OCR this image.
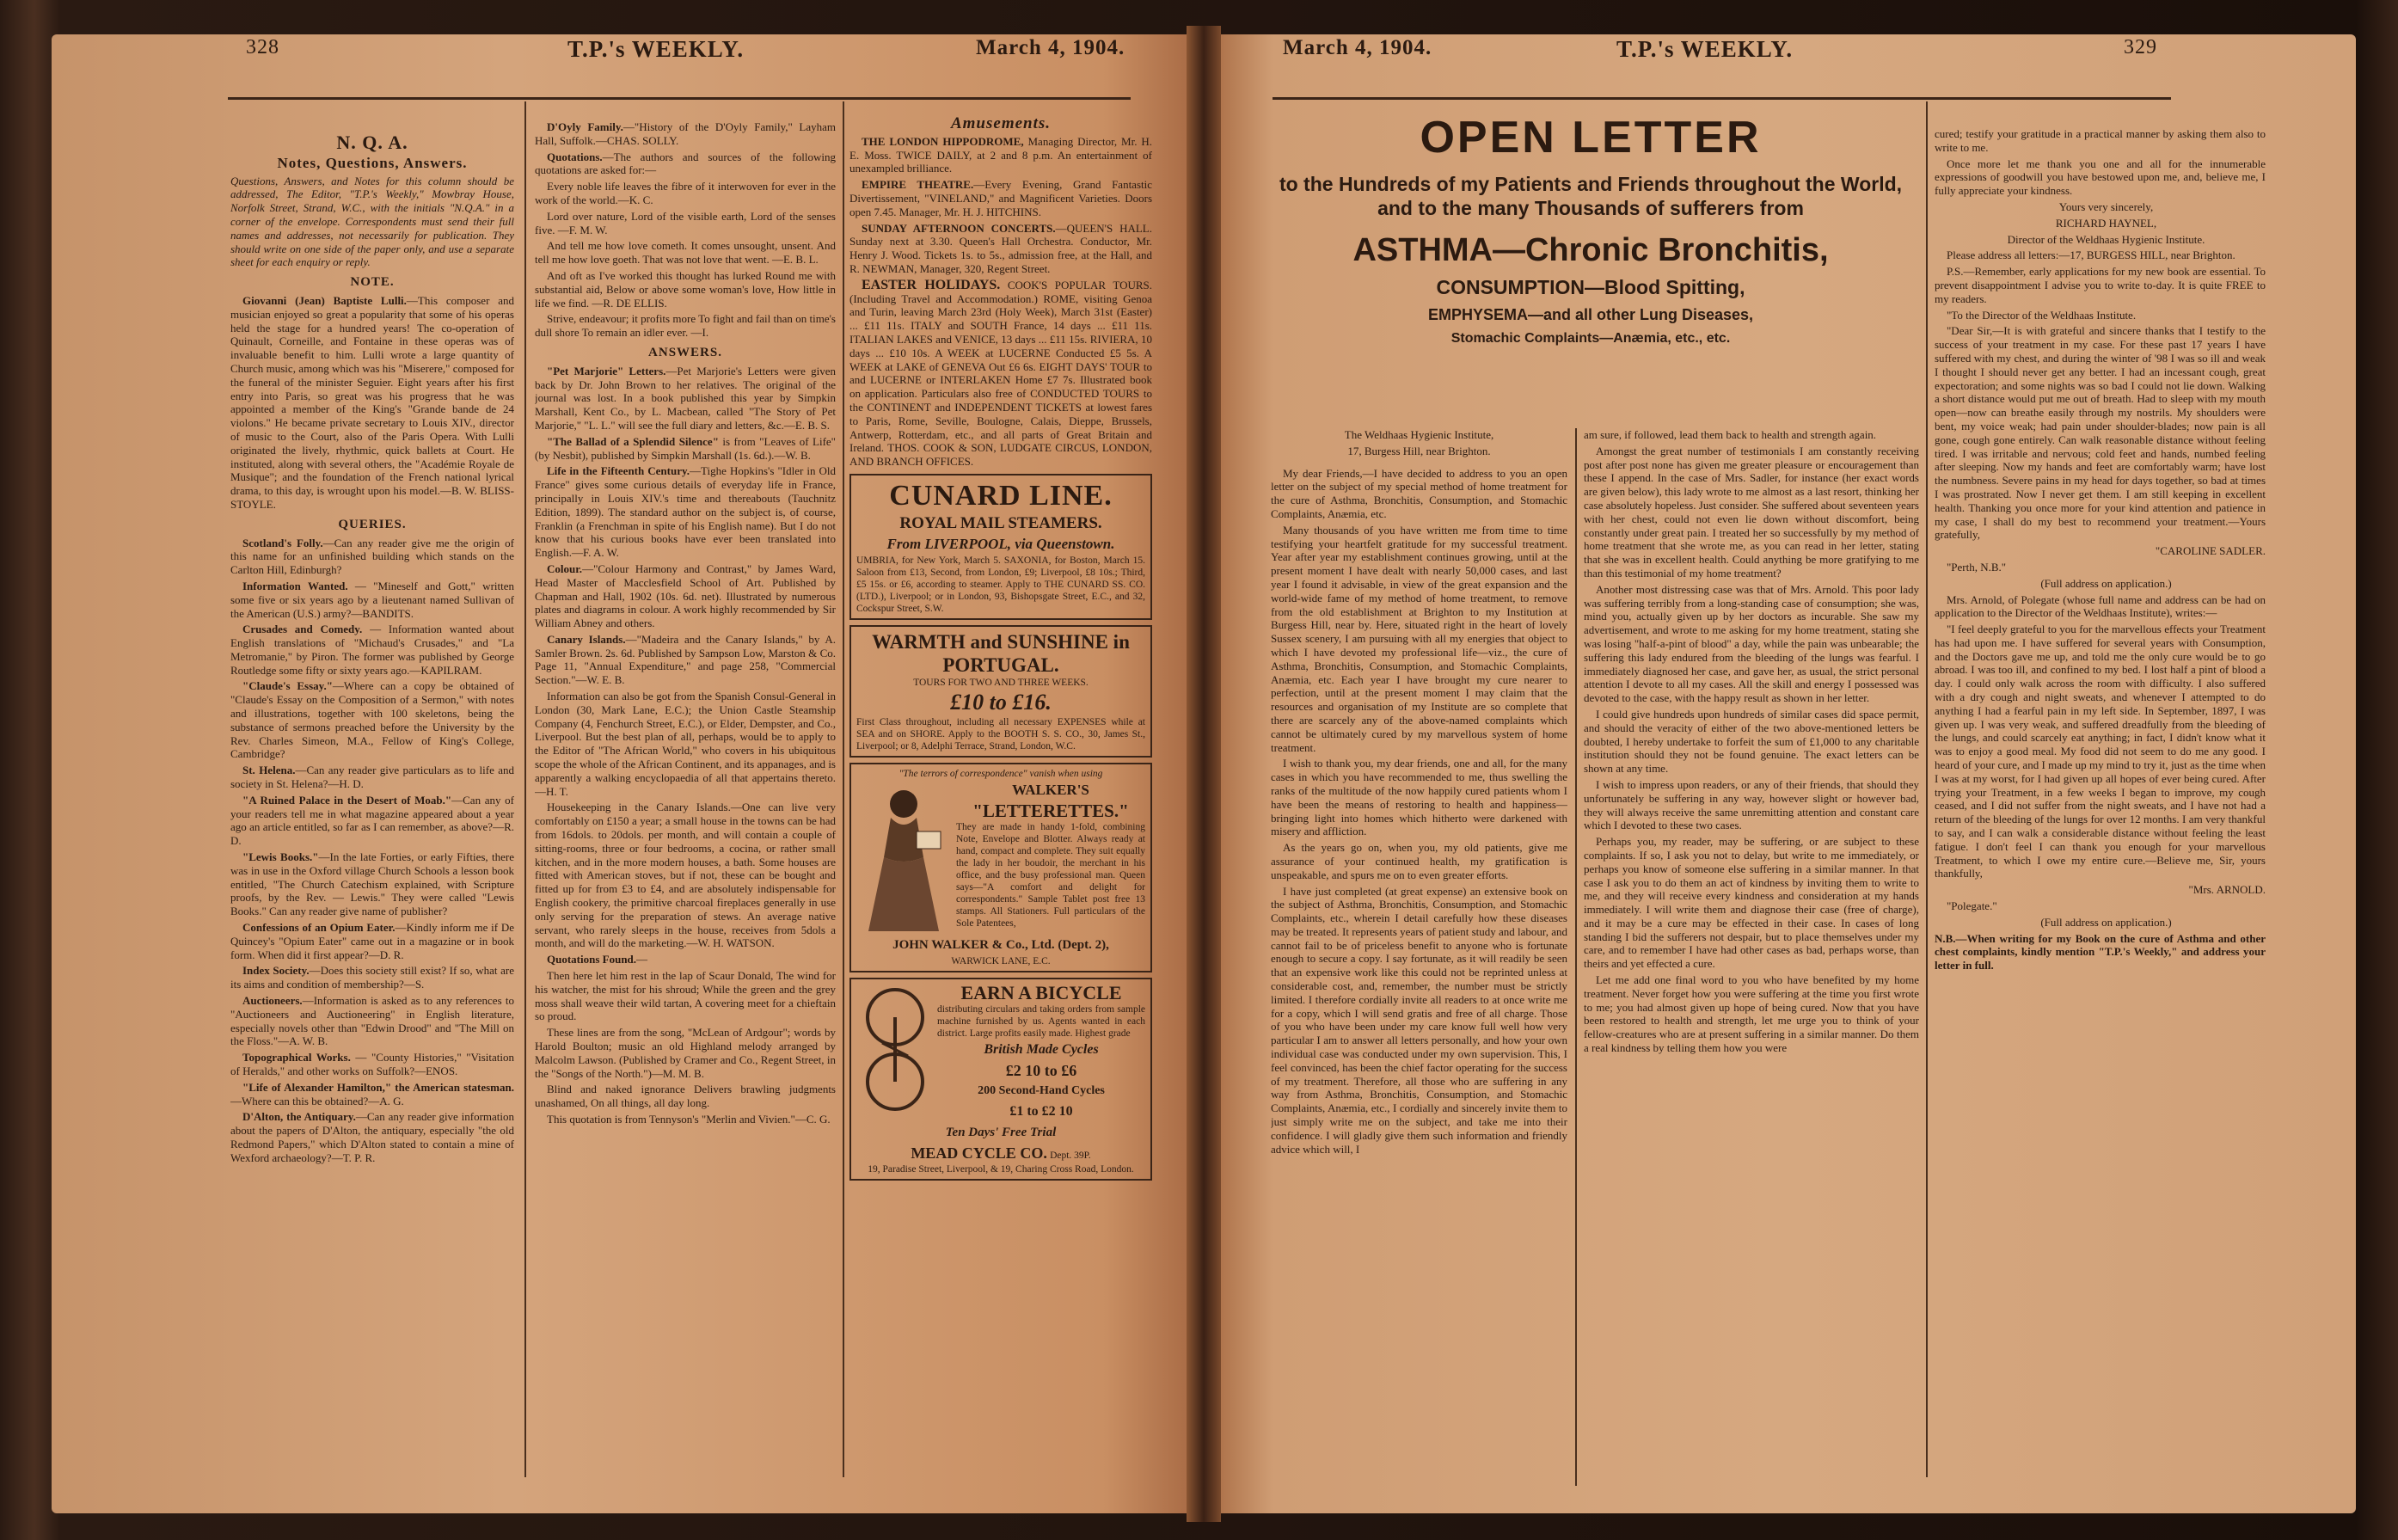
328	T.P.'s WEEKLY.	March 4, 1904.
N. Q. A.
Notes, Questions, Answers.

Questions, Answers, and Notes for this column should be addressed, The Editor, "T.P.'s Weekly," Mowbray House, Norfolk Street, Strand, W.C., with the initials "N.Q.A." in a corner of the envelope. Correspondents must send their full names and addresses, not necessarily for publication. They should write on one side of the paper only, and use a separate sheet for each enquiry or reply.

NOTE.

Giovanni (Jean) Baptiste Lulli.—This composer and musician enjoyed so great a popularity that some of his operas held the stage for a hundred years! The co-operation of Quinault, Corneille, and Fontaine in these operas was of invaluable benefit to him. Lulli wrote a large quantity of Church music, among which was his "Miserere," composed for the funeral of the minister Seguier. Eight years after his first entry into Paris, so great was his progress that he was appointed a member of the King's "Grande bande de 24 violons." He became private secretary to Louis XIV., director of music to the Court, also of the Paris Opera. With Lulli originated the lively, rhythmic, quick ballets at Court. He instituted, along with several others, the "Académie Royale de Musique"; and the foundation of the French national lyrical drama, to this day, is wrought upon his model.—B. W. BLISS-STOYLE.

QUERIES.

Scotland's Folly.—Can any reader give me the origin of this name for an unfinished building which stands on the Carlton Hill, Edinburgh?

Information Wanted. — "Mineself and Gott," written some five or six years ago by a lieutenant named Sullivan of the American (U.S.) army?—BANDITS.

Crusades and Comedy. — Information wanted about English translations of "Michaud's Crusades," and "La Metromanie," by Piron. The former was published by George Routledge some fifty or sixty years ago.—KAPILRAM.

"Claude's Essay."—Where can a copy be obtained of "Claude's Essay on the Composition of a Sermon," with notes and illustrations, together with 100 skeletons, being the substance of sermons preached before the University by the Rev. Charles Simeon, M.A., Fellow of King's College, Cambridge?

St. Helena.—Can any reader give particulars as to life and society in St. Helena?—H. D.

"A Ruined Palace in the Desert of Moab."—Can any of your readers tell me in what magazine appeared about a year ago an article entitled, so far as I can remember, as above?—R. D.

"Lewis Books."—In the late Forties, or early Fifties, there was in use in the Oxford village Church Schools a lesson book entitled, "The Church Catechism explained, with Scripture proofs, by the Rev. — Lewis." They were called "Lewis Books." Can any reader give name of publisher?

Confessions of an Opium Eater.—Kindly inform me if De Quincey's "Opium Eater" came out in a magazine or in book form. When did it first appear?—D. R.

Index Society.—Does this society still exist? If so, what are its aims and condition of membership?—S.

Auctioneers.—Information is asked as to any references to "Auctioneers and Auctioneering" in English literature, especially novels other than "Edwin Drood" and "The Mill on the Floss."—A. W. B.

Topographical Works. — "County Histories," "Visitation of Heralds," and other works on Suffolk?—ENOS.

"Life of Alexander Hamilton," the American statesman.—Where can this be obtained?—A. G.

D'Alton, the Antiquary.—Can any reader give information about the papers of D'Alton, the antiquary, especially "the old Redmond Papers," which D'Alton stated to contain a mine of Wexford archaeology?—T. P. R.

D'Oyly Family.—"History of the D'Oyly Family," Layham Hall, Suffolk.—CHAS. SOLLY.

Quotations.—The authors and sources of the following quotations are asked for:—

Every noble life leaves the fibre of it interwoven for ever in the work of the world.—K. C.

Lord over nature, Lord of the visible earth, Lord of the senses five. —F. M. W.

And tell me how love cometh. It comes unsought, unsent. And tell me how love goeth. That was not love that went. —E. B. L.

And oft as I've worked this thought has lurked Round me with substantial aid, Below or above some woman's love, How little in life we find. —R. DE ELLIS.

Strive, endeavour; it profits more To fight and fail than on time's dull shore To remain an idler ever. —I.

ANSWERS.

"Pet Marjorie" Letters.—Pet Marjorie's Letters were given back by Dr. John Brown to her relatives. The original of the journal was lost. In a book published this year by Simpkin Marshall, Kent Co., by L. Macbean, called "The Story of Pet Marjorie," "L. L." will see the full diary and letters, &c.—E. B. S.

"The Ballad of a Splendid Silence" is from "Leaves of Life" (by Nesbit), published by Simpkin Marshall (1s. 6d.).—W. B.

Life in the Fifteenth Century.—Tighe Hopkins's "Idler in Old France" gives some curious details of everyday life in France, principally in Louis XIV.'s time and thereabouts (Tauchnitz Edition, 1899). The standard author on the subject is, of course, Franklin (a Frenchman in spite of his English name). But I do not know that his curious books have ever been translated into English.—F. A. W.

Colour.—"Colour Harmony and Contrast," by James Ward, Head Master of Macclesfield School of Art. Published by Chapman and Hall, 1902 (10s. 6d. net). Illustrated by numerous plates and diagrams in colour. A work highly recommended by Sir William Abney and others.

Canary Islands.—"Madeira and the Canary Islands," by A. Samler Brown. 2s. 6d. Published by Sampson Low, Marston & Co. Page 11, "Annual Expenditure," and page 258, "Commercial Section."—W. E. B.

Information can also be got from the Spanish Consul-General in London (30, Mark Lane, E.C.); the Union Castle Steamship Company (4, Fenchurch Street, E.C.), or Elder, Dempster, and Co., Liverpool. But the best plan of all, perhaps, would be to apply to the Editor of "The African World," who covers in his ubiquitous scope the whole of the African Continent, and its appanages, and is apparently a walking encyclopaedia of all that appertains thereto.—H. T.

Housekeeping in the Canary Islands.—One can live very comfortably on £150 a year; a small house in the towns can be had from 16dols. to 20dols. per month, and will contain a couple of sitting-rooms, three or four bedrooms, a cocina, or rather small kitchen, and in the more modern houses, a bath. Some houses are fitted with American stoves, but if not, these can be bought and fitted up for from £3 to £4, and are absolutely indispensable for English cookery, the primitive charcoal fireplaces generally in use only serving for the preparation of stews. An average native servant, who rarely sleeps in the house, receives from 5dols a month, and will do the marketing.—W. H. WATSON.

Quotations Found.—

Then here let him rest in the lap of Scaur Donald, The wind for his watcher, the mist for his shroud; While the green and the grey moss shall weave their wild tartan, A covering meet for a chieftain so proud.

These lines are from the song, "McLean of Ardgour"; words by Harold Boulton; music an old Highland melody arranged by Malcolm Lawson. (Published by Cramer and Co., Regent Street, in the "Songs of the North.")—M. M. B.

Blind and naked ignorance Delivers brawling judgments unashamed, On all things, all day long.

This quotation is from Tennyson's "Merlin and Vivien."—C. G.

Amusements.

THE LONDON HIPPODROME, Managing Director, Mr. H. E. Moss. TWICE DAILY, at 2 and 8 p.m. An entertainment of unexampled brilliance.

EMPIRE THEATRE.—Every Evening, Grand Fantastic Divertissement, "VINELAND," and Magnificent Varieties. Doors open 7.45. Manager, Mr. H. J. HITCHINS.

SUNDAY AFTERNOON CONCERTS.—QUEEN'S HALL. Sunday next at 3.30. Queen's Hall Orchestra. Conductor, Mr. Henry J. Wood. Tickets 1s. to 5s., admission free, at the Hall, and R. NEWMAN, Manager, 320, Regent Street.

EASTER HOLIDAYS. COOK'S POPULAR TOURS. (Including Travel and Accommodation.) ROME, visiting Genoa and Turin, leaving March 23rd (Holy Week), March 31st (Easter) ... £11 11s. ITALY and SOUTH France, 14 days ... £11 11s. ITALIAN LAKES and VENICE, 13 days ... £11 15s. RIVIERA, 10 days ... £10 10s. A WEEK at LUCERNE Conducted £5 5s. A WEEK at LAKE of GENEVA Out £6 6s. EIGHT DAYS' TOUR to and LUCERNE or INTERLAKEN Home £7 7s. Illustrated book on application. Particulars also free of CONDUCTED TOURS to the CONTINENT and INDEPENDENT TICKETS at lowest fares to Paris, Rome, Seville, Boulogne, Calais, Dieppe, Brussels, Antwerp, Rotterdam, etc., and all parts of Great Britain and Ireland. THOS. COOK & SON, LUDGATE CIRCUS, LONDON, AND BRANCH OFFICES.

CUNARD LINE.
ROYAL MAIL STEAMERS.
From LIVERPOOL, via Queenstown.
UMBRIA, for New York, March 5. SAXONIA, for Boston, March 15. Saloon from £13, Second, from London, £9; Liverpool, £8 10s.; Third, £5 15s. or £6, according to steamer. Apply to THE CUNARD SS. CO. (LTD.), Liverpool; or in London, 93, Bishopsgate Street, E.C., and 32, Cockspur Street, S.W.
WARMTH and SUNSHINE in PORTUGAL.
TOURS FOR TWO AND THREE WEEKS.
£10 to £16.
First Class throughout, including all necessary EXPENSES while at SEA and on SHORE. Apply to the BOOTH S. S. CO., 30, James St., Liverpool; or 8, Adelphi Terrace, Strand, London, W.C.
"The terrors of correspondence" vanish when using
WALKER'S
"LETTERETTES."
They are made in handy 1-fold, combining Note, Envelope and Blotter. Always ready at hand, compact and complete. They suit equally the lady in her boudoir, the merchant in his office, and the busy professional man. Queen says—"A comfort and delight for correspondents." Sample Tablet post free 13 stamps. All Stationers. Full particulars of the Sole Patentees,
JOHN WALKER & Co., Ltd. (Dept. 2),
WARWICK LANE, E.C.
EARN A BICYCLE
distributing circulars and taking orders from sample machine furnished by us. Agents wanted in each district. Large profits easily made. Highest grade
British Made Cycles
£2 10 to £6
200 Second-Hand Cycles
£1 to £2 10
Ten Days' Free Trial
MEAD CYCLE CO. Dept. 39P.
19, Paradise Street, Liverpool, & 19, Charing Cross Road, London.
March 4, 1904.	T.P.'s WEEKLY.	329
OPEN LETTER
to the Hundreds of my Patients and Friends throughout the World, and to the many Thousands of sufferers from
ASTHMA—Chronic Bronchitis,
CONSUMPTION—Blood Spitting,
EMPHYSEMA—and all other Lung Diseases,
Stomachic Complaints—Anæmia, etc., etc.

The Weldhaas Hygienic Institute,

17, Burgess Hill, near Brighton.

My dear Friends,—I have decided to address to you an open letter on the subject of my special method of home treatment for the cure of Asthma, Bronchitis, Consumption, and Stomachic Complaints, Anæmia, etc.

Many thousands of you have written me from time to time testifying your heartfelt gratitude for my successful treatment. Year after year my establishment continues growing, until at the present moment I have dealt with nearly 50,000 cases, and last year I found it advisable, in view of the great expansion and the world-wide fame of my method of home treatment, to remove from the old establishment at Brighton to my Institution at Burgess Hill, near by. Here, situated right in the heart of lovely Sussex scenery, I am pursuing with all my energies that object to which I have devoted my professional life—viz., the cure of Asthma, Bronchitis, Consumption, and Stomachic Complaints, Anæmia, etc. Each year I have brought my cure nearer to perfection, until at the present moment I may claim that the resources and organisation of my Institute are so complete that there are scarcely any of the above-named complaints which cannot be ultimately cured by my marvellous system of home treatment.

I wish to thank you, my dear friends, one and all, for the many cases in which you have recommended to me, thus swelling the ranks of the multitude of the now happily cured patients whom I have been the means of restoring to health and happiness—bringing light into homes which hitherto were darkened with misery and affliction.

As the years go on, when you, my old patients, give me assurance of your continued health, my gratification is unspeakable, and spurs me on to even greater efforts.

I have just completed (at great expense) an extensive book on the subject of Asthma, Bronchitis, Consumption, and Stomachic Complaints, etc., wherein I detail carefully how these diseases may be treated. It represents years of patient study and labour, and cannot fail to be of priceless benefit to anyone who is fortunate enough to secure a copy. I say fortunate, as it will readily be seen that an expensive work like this could not be reprinted unless at considerable cost, and, remember, the number must be strictly limited. I therefore cordially invite all readers to at once write me for a copy, which I will send gratis and free of all charge. Those of you who have been under my care know full well how very particular I am to answer all letters personally, and how your own individual case was conducted under my own supervision. This, I feel convinced, has been the chief factor operating for the success of my treatment. Therefore, all those who are suffering in any way from Asthma, Bronchitis, Consumption, and Stomachic Complaints, Anæmia, etc., I cordially and sincerely invite them to just simply write me on the subject, and take me into their confidence. I will gladly give them such information and friendly advice which will, I

am sure, if followed, lead them back to health and strength again.

Amongst the great number of testimonials I am constantly receiving post after post none has given me greater pleasure or encouragement than these I append. In the case of Mrs. Sadler, for instance (her exact words are given below), this lady wrote to me almost as a last resort, thinking her case absolutely hopeless. Just consider. She suffered about seventeen years with her chest, could not even lie down without discomfort, being constantly under great pain. I treated her so successfully by my method of home treatment that she wrote me, as you can read in her letter, stating that she was in excellent health. Could anything be more gratifying to me than this testimonial of my home treatment?

Another most distressing case was that of Mrs. Arnold. This poor lady was suffering terribly from a long-standing case of consumption; she was, mind you, actually given up by her doctors as incurable. She saw my advertisement, and wrote to me asking for my home treatment, stating she was losing "half-a-pint of blood" a day, while the pain was unbearable; the suffering this lady endured from the bleeding of the lungs was fearful. I immediately diagnosed her case, and gave her, as usual, the strict personal attention I devote to all my cases. All the skill and energy I possessed was devoted to the case, with the happy result as shown in her letter.

I could give hundreds upon hundreds of similar cases did space permit, and should the veracity of either of the two above-mentioned letters be doubted, I hereby undertake to forfeit the sum of £1,000 to any charitable institution should they not be found genuine. The exact letters can be shown at any time.

I wish to impress upon readers, or any of their friends, that should they unfortunately be suffering in any way, however slight or however bad, they will always receive the same unremitting attention and constant care which I devoted to these two cases.

Perhaps you, my reader, may be suffering, or are subject to these complaints. If so, I ask you not to delay, but write to me immediately, or perhaps you know of someone else suffering in a similar manner. In that case I ask you to do them an act of kindness by inviting them to write to me, and they will receive every kindness and consideration at my hands immediately. I will write them and diagnose their case (free of charge), and it may be a cure may be effected in their case. In cases of long standing I bid the sufferers not despair, but to place themselves under my care, and to remember I have had other cases as bad, perhaps worse, than theirs and yet effected a cure.

Let me add one final word to you who have benefited by my home treatment. Never forget how you were suffering at the time you first wrote to me; you had almost given up hope of being cured. Now that you have been restored to health and strength, let me urge you to think of your fellow-creatures who are at present suffering in a similar manner. Do them a real kindness by telling them how you were

cured; testify your gratitude in a practical manner by asking them also to write to me.

Once more let me thank you one and all for the innumerable expressions of goodwill you have bestowed upon me, and, believe me, I fully appreciate your kindness.

Yours very sincerely,

RICHARD HAYNEL,

Director of the Weldhaas Hygienic Institute.

Please address all letters:—17, BURGESS HILL, near Brighton.

P.S.—Remember, early applications for my new book are essential. To prevent disappointment I advise you to write to-day. It is quite FREE to my readers.

"To the Director of the Weldhaas Institute.

"Dear Sir,—It is with grateful and sincere thanks that I testify to the success of your treatment in my case. For these past 17 years I have suffered with my chest, and during the winter of '98 I was so ill and weak I thought I should never get any better. I had an incessant cough, great expectoration; and some nights was so bad I could not lie down. Walking a short distance would put me out of breath. Had to sleep with my mouth open—now can breathe easily through my nostrils. My shoulders were bent, my voice weak; had pain under shoulder-blades; now pain is all gone, cough gone entirely. Can walk reasonable distance without feeling tired. I was irritable and nervous; cold feet and hands, numbed feeling after sleeping. Now my hands and feet are comfortably warm; have lost the numbness. Severe pains in my head for days together, so bad at times I was prostrated. Now I never get them. I am still keeping in excellent health. Thanking you once more for your kind attention and patience in my case, I shall do my best to recommend your treatment.—Yours gratefully,

"CAROLINE SADLER.

"Perth, N.B."

(Full address on application.)

Mrs. Arnold, of Polegate (whose full name and address can be had on application to the Director of the Weldhaas Institute), writes:—

"I feel deeply grateful to you for the marvellous effects your Treatment has had upon me. I have suffered for several years with Consumption, and the Doctors gave me up, and told me the only cure would be to go abroad. I was too ill, and confined to my bed. I lost half a pint of blood a day. I could only walk across the room with difficulty. I also suffered with a dry cough and night sweats, and whenever I attempted to do anything I had a fearful pain in my left side. In September, 1897, I was given up. I was very weak, and suffered dreadfully from the bleeding of the lungs, and could scarcely eat anything; in fact, I didn't know what it was to enjoy a good meal. My food did not seem to do me any good. I heard of your cure, and I made up my mind to try it, just as the time when I was at my worst, for I had given up all hopes of ever being cured. After trying your Treatment, in a few weeks I began to improve, my cough ceased, and I did not suffer from the night sweats, and I have not had a return of the bleeding of the lungs for over 12 months. I am very thankful to say, and I can walk a considerable distance without feeling the least fatigue. I don't feel I can thank you enough for your marvellous Treatment, to which I owe my entire cure.—Believe me, Sir, yours thankfully,

"Mrs. ARNOLD.

"Polegate."

(Full address on application.)

N.B.—When writing for my Book on the cure of Asthma and other chest complaints, kindly mention "T.P.'s Weekly," and address your letter in full.
